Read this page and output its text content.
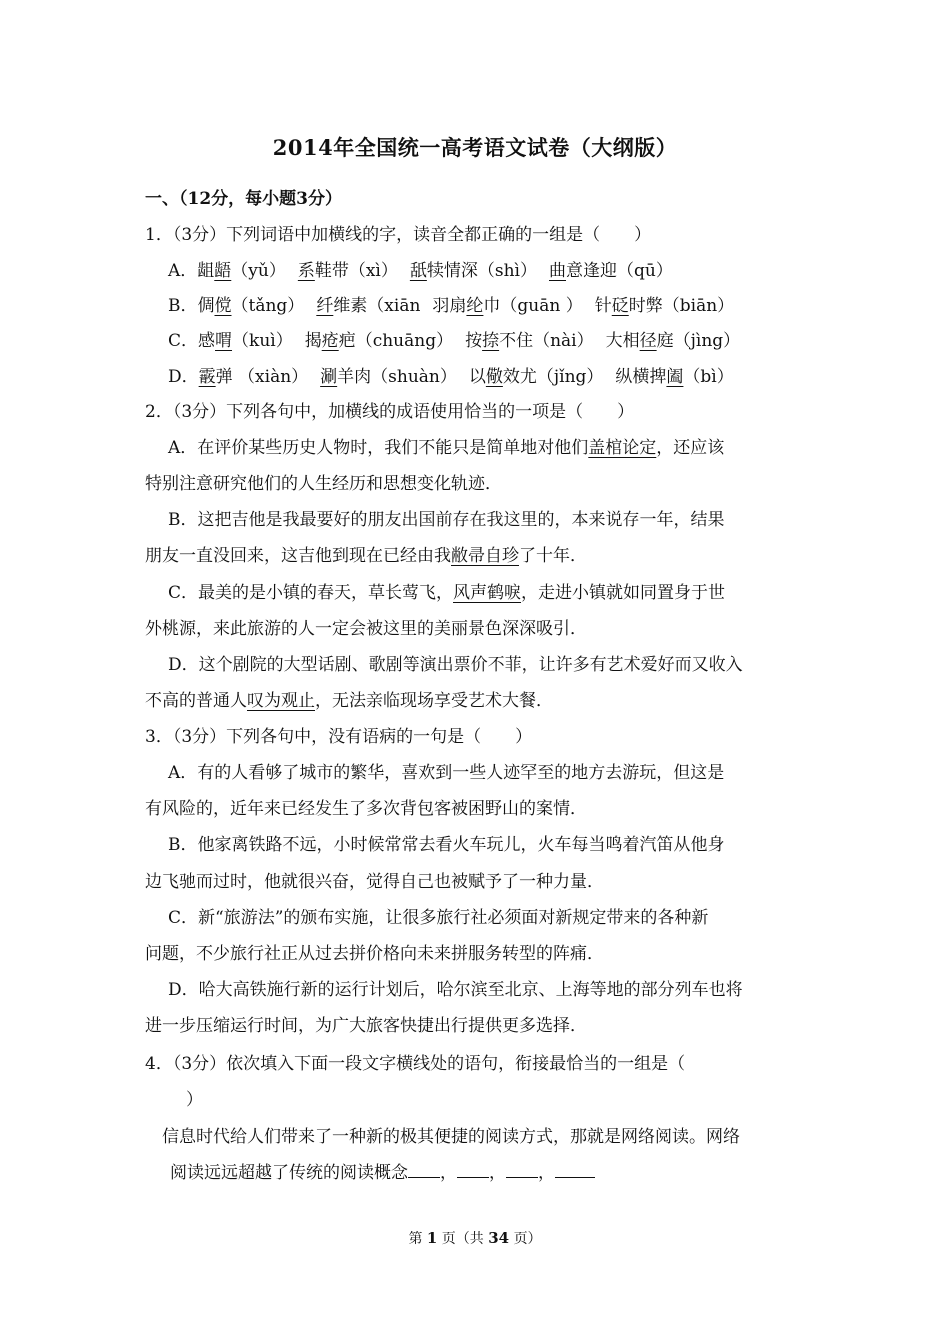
2014年全国统一高考语文试卷（大纲版）
一、（12分，每小题3分）
1．（3分）下列词语中加横线的字，读音全都正确的一组是（　　）
A．龃龉（yǔ） 系鞋带（xì） 舐犊情深（shì） 曲意逢迎（qū）
B．倜傥（tǎng） 纤维素（xiān 羽扇纶巾（guān ） 针砭时弊（biān）
C．感喟（kuì） 揭疮疤（chuāng） 按捺不住（nài） 大相径庭（jìng）
D．霰弹 （xiàn） 涮羊肉（shuàn） 以儆效尤（jǐng） 纵横捭阖（bì）
2．（3分）下列各句中，加横线的成语使用恰当的一项是（　　）
A．在评价某些历史人物时，我们不能只是简单地对他们盖棺论定，还应该
特别注意研究他们的人生经历和思想变化轨迹．
B．这把吉他是我最要好的朋友出国前存在我这里的，本来说存一年，结果
朋友一直没回来，这吉他到现在已经由我敝帚自珍了十年．
C．最美的是小镇的春天，草长莺飞，风声鹤唳，走进小镇就如同置身于世
外桃源，来此旅游的人一定会被这里的美丽景色深深吸引．
D．这个剧院的大型话剧、歌剧等演出票价不菲，让许多有艺术爱好而又收入
不高的普通人叹为观止，无法亲临现场享受艺术大餐．
3．（3分）下列各句中，没有语病的一句是（　　）
A．有的人看够了城市的繁华，喜欢到一些人迹罕至的地方去游玩，但这是
有风险的，近年来已经发生了多次背包客被困野山的案情．
B．他家离铁路不远，小时候常常去看火车玩儿，火车每当鸣着汽笛从他身
边飞驰而过时，他就很兴奋，觉得自己也被赋予了一种力量．
C．新“旅游法”的颁布实施，让很多旅行社必须面对新规定带来的各种新
问题，不少旅行社正从过去拼价格向未来拼服务转型的阵痛．
D．哈大高铁施行新的运行计划后，哈尔滨至北京、上海等地的部分列车也将
进一步压缩运行时间，为广大旅客快捷出行提供更多选择．
4．（3分）依次填入下面一段文字横线处的语句，衔接最恰当的一组是（
）
信息时代给人们带来了一种新的极其便捷的阅读方式，那就是网络阅读。网络
阅读远远超越了传统的阅读概念 ， ， ，
第 1 页（共 34 页）
